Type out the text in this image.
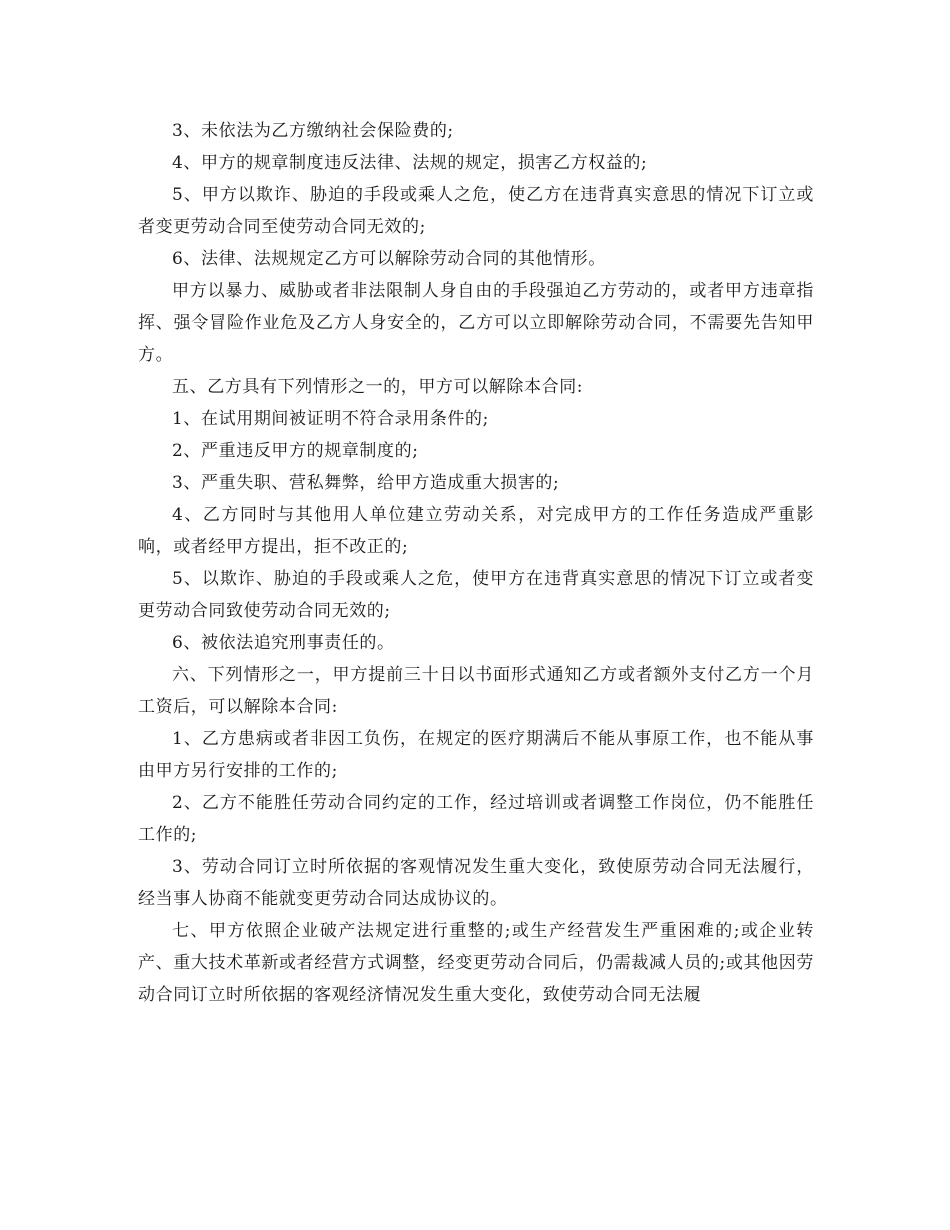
3、未依法为乙方缴纳社会保险费的;

4、甲方的规章制度违反法律、法规的规定，损害乙方权益的;

5、甲方以欺诈、胁迫的手段或乘人之危，使乙方在违背真实意思的情况下订立或者变更劳动合同至使劳动合同无效的;

6、法律、法规规定乙方可以解除劳动合同的其他情形。

甲方以暴力、威胁或者非法限制人身自由的手段强迫乙方劳动的，或者甲方违章指挥、强令冒险作业危及乙方人身安全的，乙方可以立即解除劳动合同，不需要先告知甲方。

五、乙方具有下列情形之一的，甲方可以解除本合同:

1、在试用期间被证明不符合录用条件的;

2、严重违反甲方的规章制度的;

3、严重失职、营私舞弊，给甲方造成重大损害的;

4、乙方同时与其他用人单位建立劳动关系，对完成甲方的工作任务造成严重影响，或者经甲方提出，拒不改正的;

5、以欺诈、胁迫的手段或乘人之危，使甲方在违背真实意思的情况下订立或者变更劳动合同致使劳动合同无效的;

6、被依法追究刑事责任的。

六、下列情形之一，甲方提前三十日以书面形式通知乙方或者额外支付乙方一个月工资后，可以解除本合同:

1、乙方患病或者非因工负伤，在规定的医疗期满后不能从事原工作，也不能从事由甲方另行安排的工作的;

2、乙方不能胜任劳动合同约定的工作，经过培训或者调整工作岗位，仍不能胜任工作的;

3、劳动合同订立时所依据的客观情况发生重大变化，致使原劳动合同无法履行，经当事人协商不能就变更劳动合同达成协议的。

七、甲方依照企业破产法规定进行重整的;或生产经营发生严重困难的;或企业转产、重大技术革新或者经营方式调整，经变更劳动合同后，仍需裁减人员的;或其他因劳动合同订立时所依据的客观经济情况发生重大变化，致使劳动合同无法履
